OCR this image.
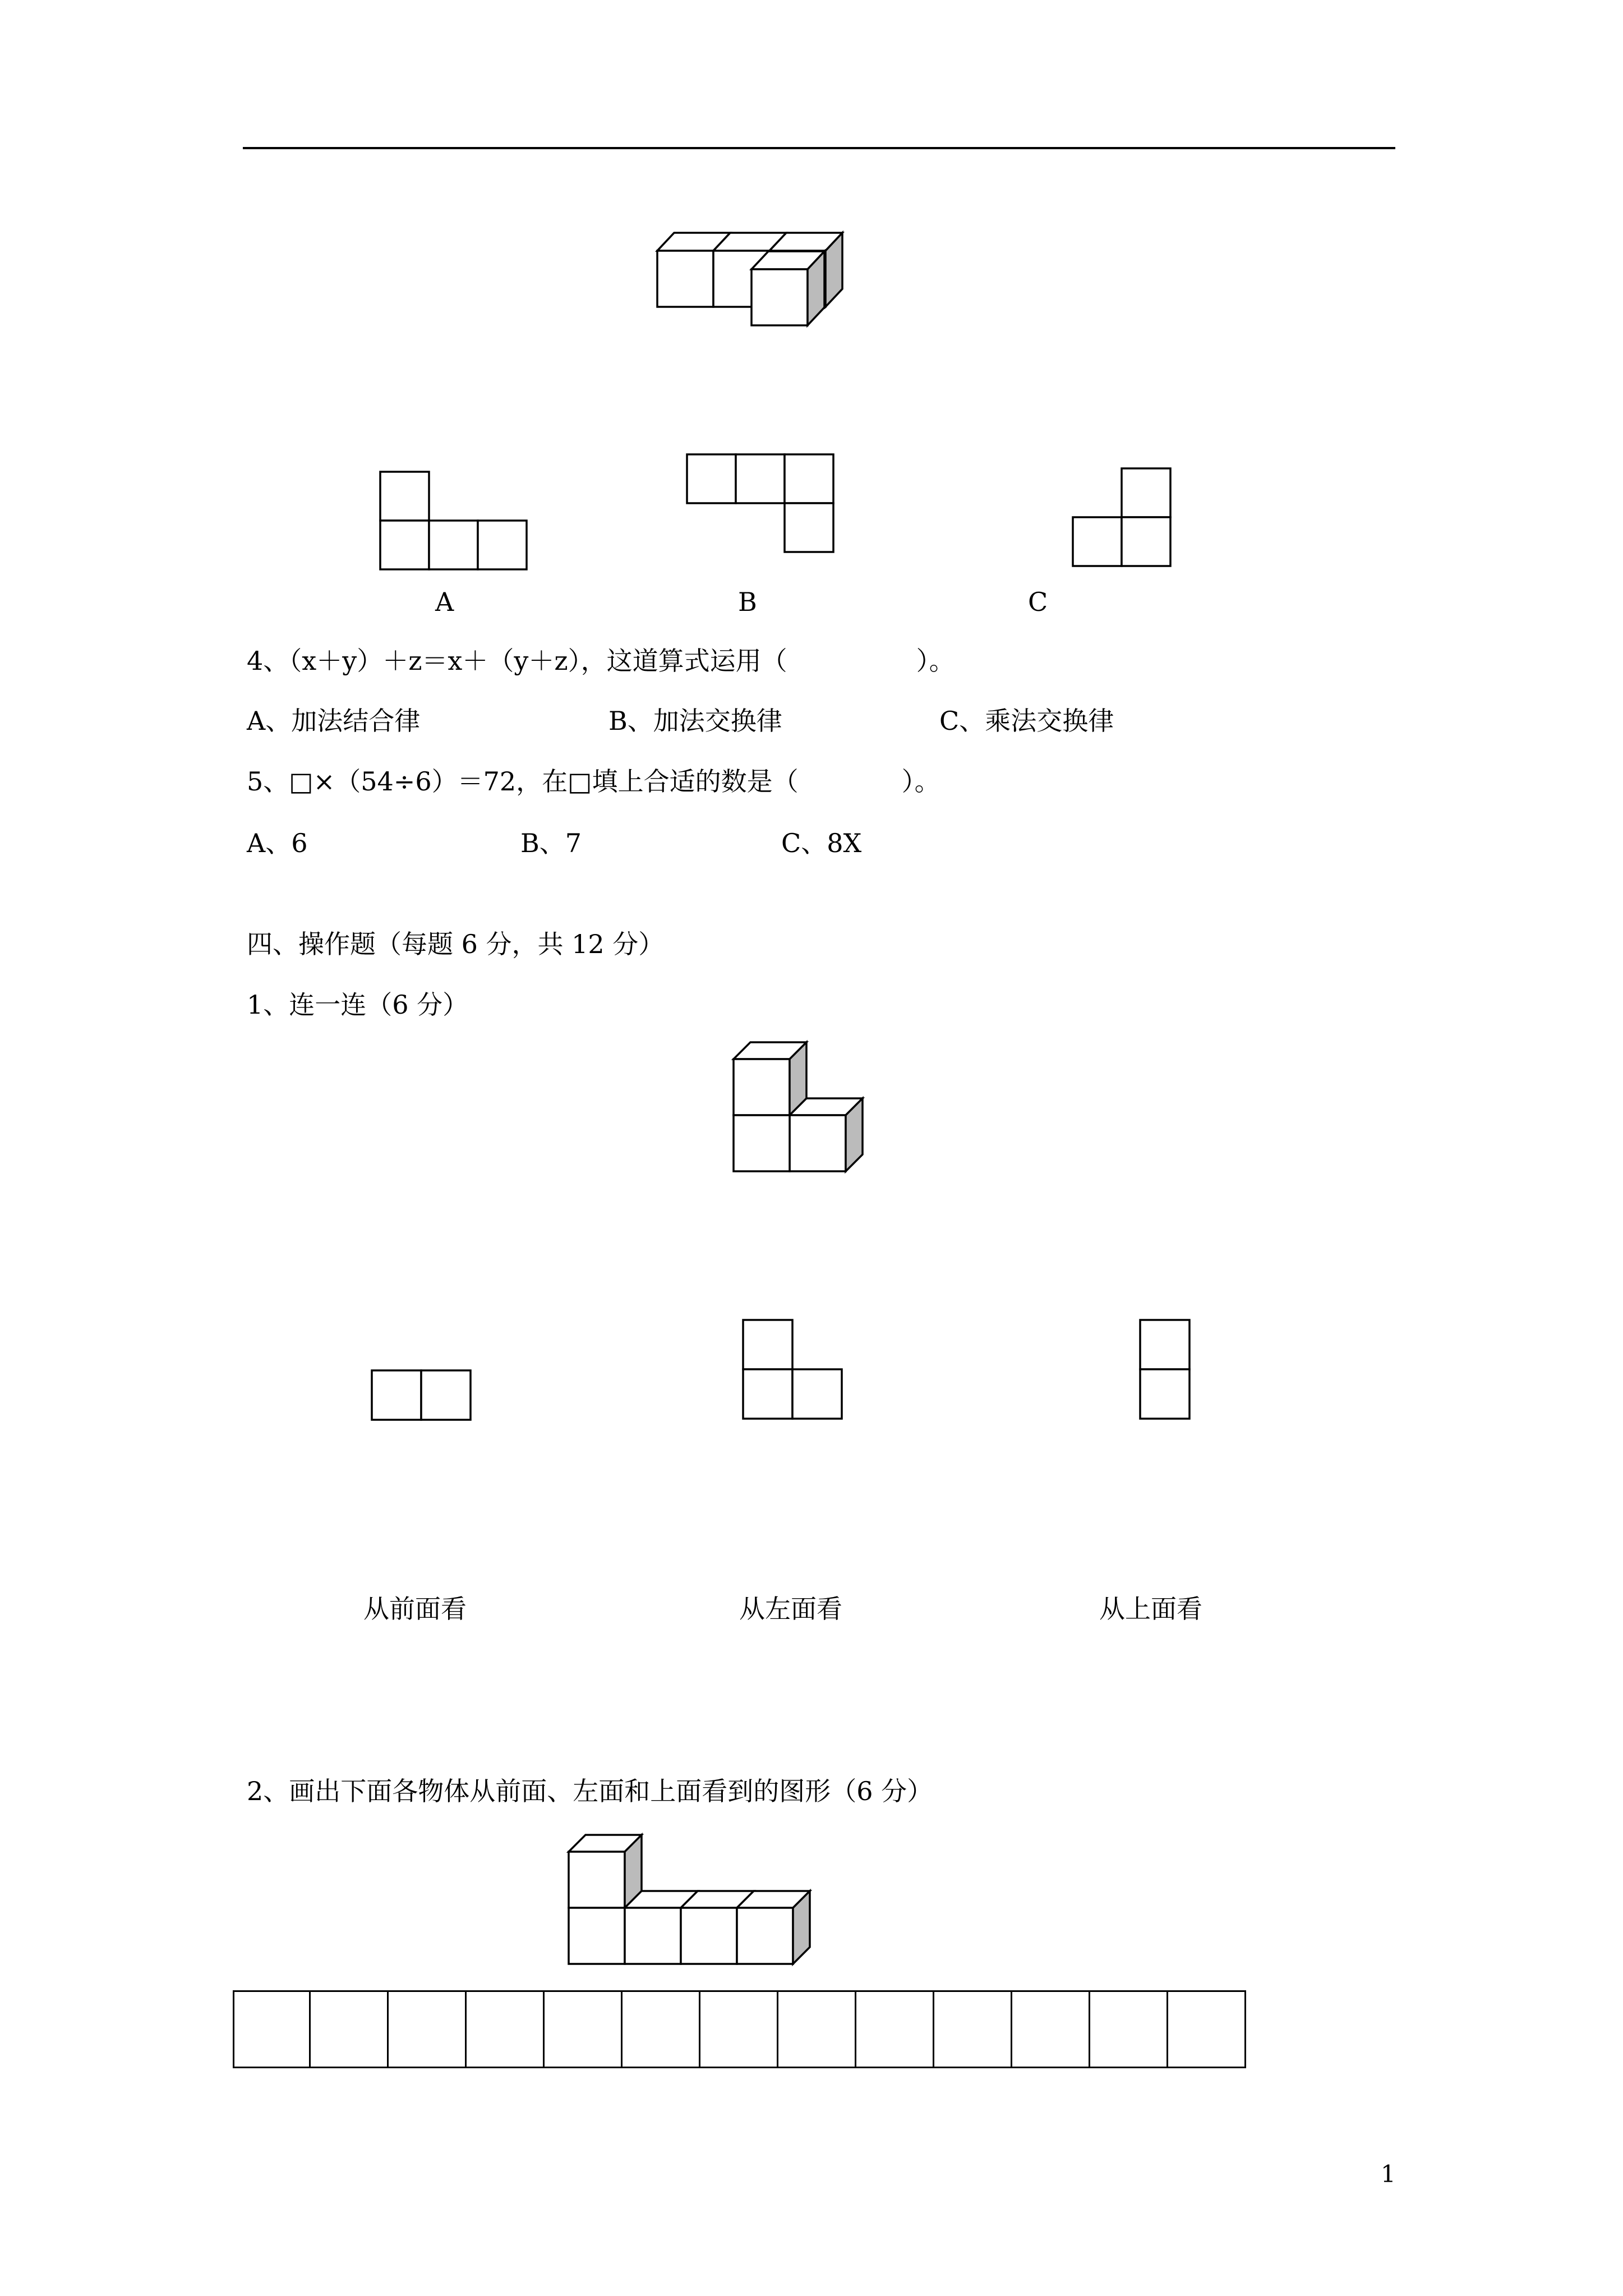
A	B	C
4、（x＋y）＋z＝x＋（y＋z），这道算式运用（　　　　　）。
A、加法结合律	B、加法交换律	C、乘法交换律
5、□×（54÷6）＝72，在□填上合适的数是（　　　　）。
A、6	B、7	C、8X
四、操作题（每题 6 分，共 12 分）
1、连一连（6 分）
从前面看	从左面看	从上面看
2、画出下面各物体从前面、左面和上面看到的图形（6 分）
1
